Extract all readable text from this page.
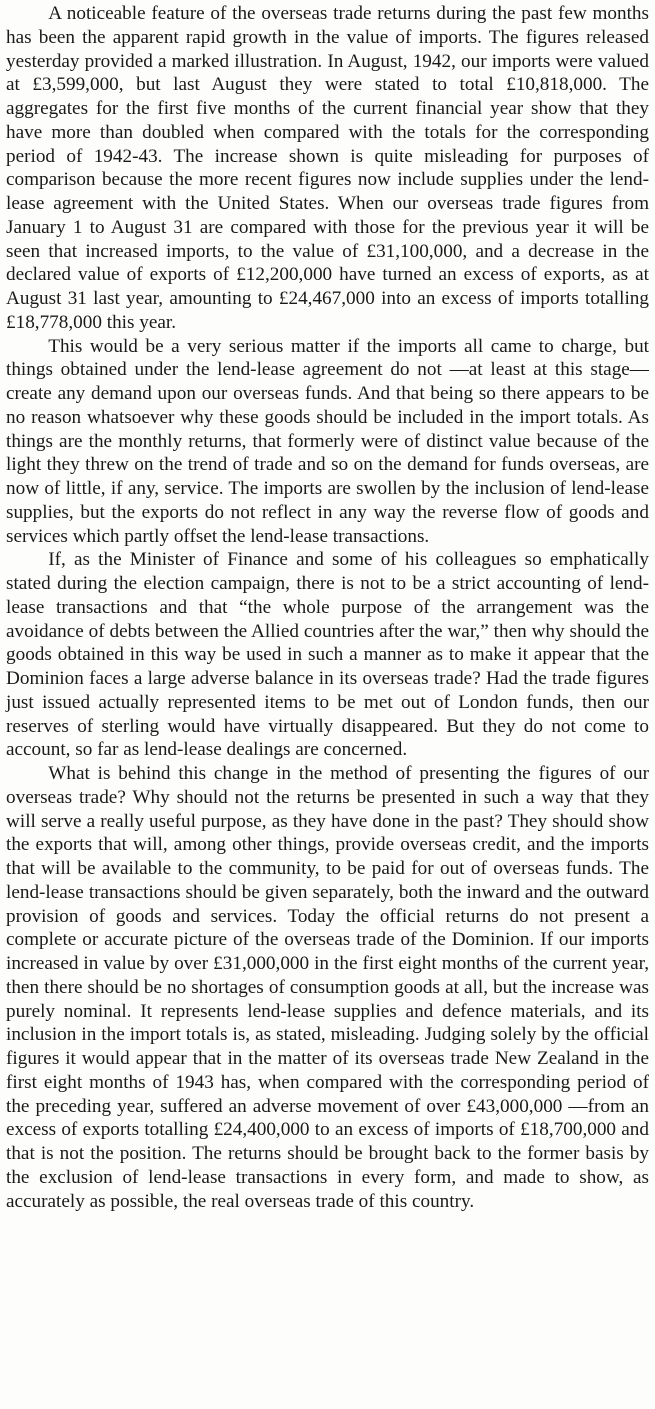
A noticeable feature of the overseas trade returns during the past few months has been the apparent rapid growth in the value of imports. The figures released yesterday provided a marked illustration. In August, 1942, our imports were valued at £3,599,000, but last August they were stated to total £10,818,000. The aggregates for the first five months of the current financial year show that they have more than doubled when compared with the totals for the corresponding period of 1942-43. The increase shown is quite misleading for purposes of comparison because the more recent figures now include supplies under the lend-lease agreement with the United States. When our overseas trade figures from January 1 to August 31 are compared with those for the previous year it will be seen that increased imports, to the value of £31,100,000, and a decrease in the declared value of exports of £12,200,000 have turned an excess of exports, as at August 31 last year, amounting to £24,467,000 into an excess of imports totalling £18,778,000 this year.

This would be a very serious matter if the imports all came to charge, but things obtained under the lend-lease agreement do not —at least at this stage—create any demand upon our overseas funds. And that being so there appears to be no reason whatsoever why these goods should be included in the import totals. As things are the monthly returns, that formerly were of distinct value because of the light they threw on the trend of trade and so on the demand for funds overseas, are now of little, if any, service. The imports are swollen by the inclusion of lend-lease supplies, but the exports do not reflect in any way the reverse flow of goods and services which partly offset the lend-lease transactions.

If, as the Minister of Finance and some of his colleagues so emphatically stated during the election campaign, there is not to be a strict accounting of lend-lease transactions and that “the whole purpose of the arrangement was the avoidance of debts between the Allied countries after the war,” then why should the goods obtained in this way be used in such a manner as to make it appear that the Dominion faces a large adverse balance in its overseas trade? Had the trade figures just issued actually represented items to be met out of London funds, then our reserves of sterling would have virtually disappeared. But they do not come to account, so far as lend-lease dealings are concerned.

What is behind this change in the method of presenting the figures of our overseas trade? Why should not the returns be presented in such a way that they will serve a really useful purpose, as they have done in the past? They should show the exports that will, among other things, provide overseas credit, and the imports that will be available to the community, to be paid for out of overseas funds. The lend-lease transactions should be given separately, both the inward and the outward provision of goods and services. Today the official returns do not present a complete or accurate picture of the overseas trade of the Dominion. If our imports increased in value by over £31,000,000 in the first eight months of the current year, then there should be no shortages of consumption goods at all, but the increase was purely nominal. It represents lend-lease supplies and defence materials, and its inclusion in the import totals is, as stated, misleading. Judging solely by the official figures it would appear that in the matter of its overseas trade New Zealand in the first eight months of 1943 has, when compared with the corresponding period of the preceding year, suffered an adverse movement of over £43,000,000 —from an excess of exports totalling £24,400,000 to an excess of imports of £18,700,000 and that is not the position. The returns should be brought back to the former basis by the exclusion of lend-lease transactions in every form, and made to show, as accurately as possible, the real overseas trade of this country.
